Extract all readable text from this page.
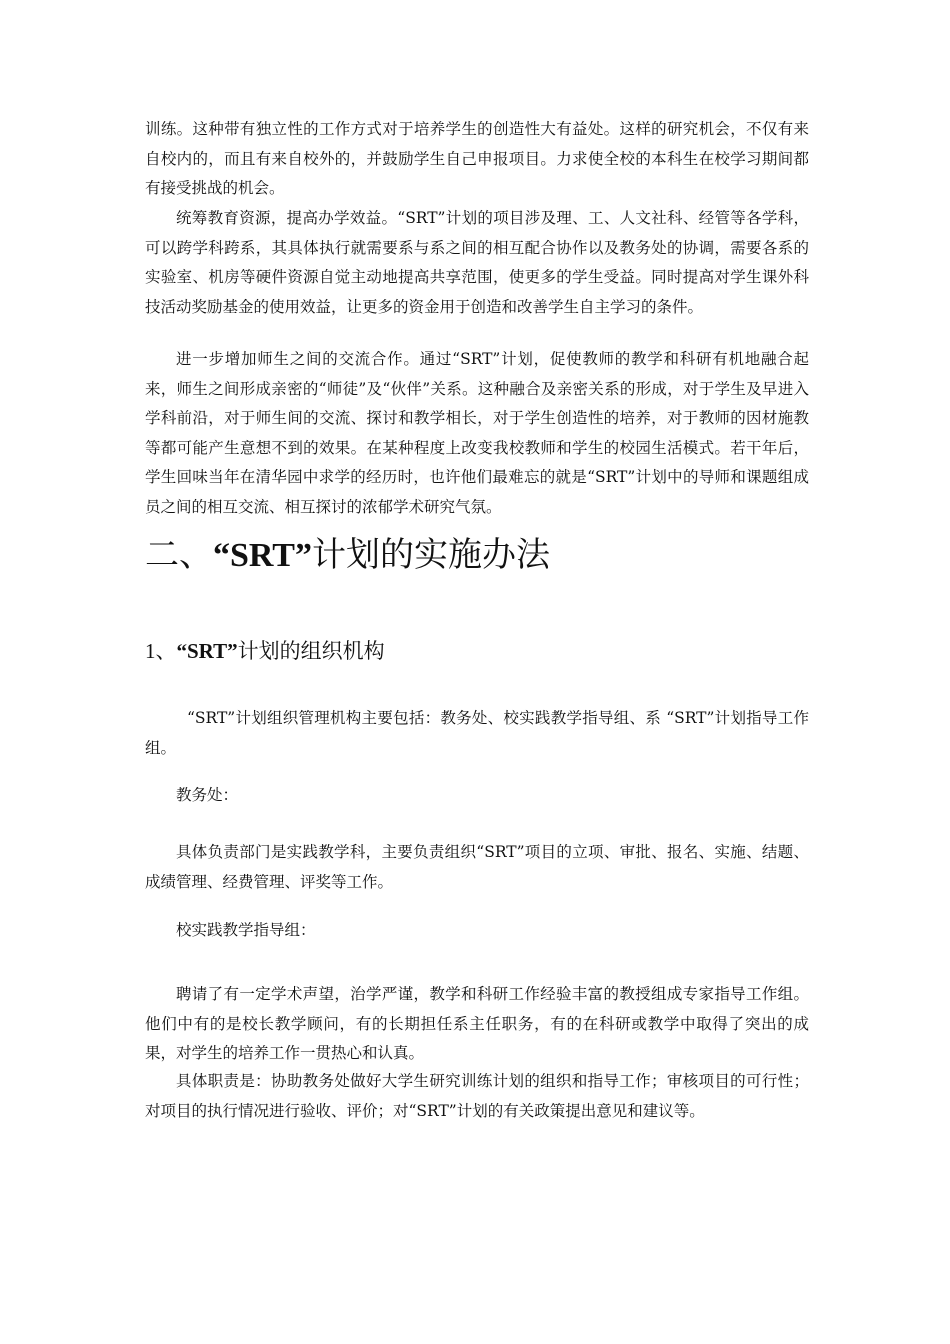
训练。这种带有独立性的工作方式对于培养学生的创造性大有益处。这样的研究机会，不仅有来自校内的，而且有来自校外的，并鼓励学生自己申报项目。力求使全校的本科生在校学习期间都有接受挑战的机会。

统筹教育资源，提高办学效益。“SRT”计划的项目涉及理、工、人文社科、经管等各学科，可以跨学科跨系，其具体执行就需要系与系之间的相互配合协作以及教务处的协调，需要各系的实验室、机房等硬件资源自觉主动地提高共享范围，使更多的学生受益。同时提高对学生课外科技活动奖励基金的使用效益，让更多的资金用于创造和改善学生自主学习的条件。

进一步增加师生之间的交流合作。通过“SRT”计划，促使教师的教学和科研有机地融合起来，师生之间形成亲密的“师徒”及“伙伴”关系。这种融合及亲密关系的形成，对于学生及早进入学科前沿，对于师生间的交流、探讨和教学相长，对于学生创造性的培养，对于教师的因材施教等都可能产生意想不到的效果。在某种程度上改变我校教师和学生的校园生活模式。若干年后，学生回味当年在清华园中求学的经历时，也许他们最难忘的就是“SRT”计划中的导师和课题组成员之间的相互交流、相互探讨的浓郁学术研究气氛。

二、“SRT”计划的实施办法
1、“SRT”计划的组织机构

“SRT”计划组织管理机构主要包括：教务处、校实践教学指导组、系 “SRT”计划指导工作组。

教务处：

具体负责部门是实践教学科，主要负责组织“SRT”项目的立项、审批、报名、实施、结题、成绩管理、经费管理、评奖等工作。

校实践教学指导组：

聘请了有一定学术声望，治学严谨，教学和科研工作经验丰富的教授组成专家指导工作组。他们中有的是校长教学顾问，有的长期担任系主任职务，有的在科研或教学中取得了突出的成果，对学生的培养工作一贯热心和认真。

具体职责是：协助教务处做好大学生研究训练计划的组织和指导工作；审核项目的可行性；对项目的执行情况进行验收、评价；对“SRT”计划的有关政策提出意见和建议等。
